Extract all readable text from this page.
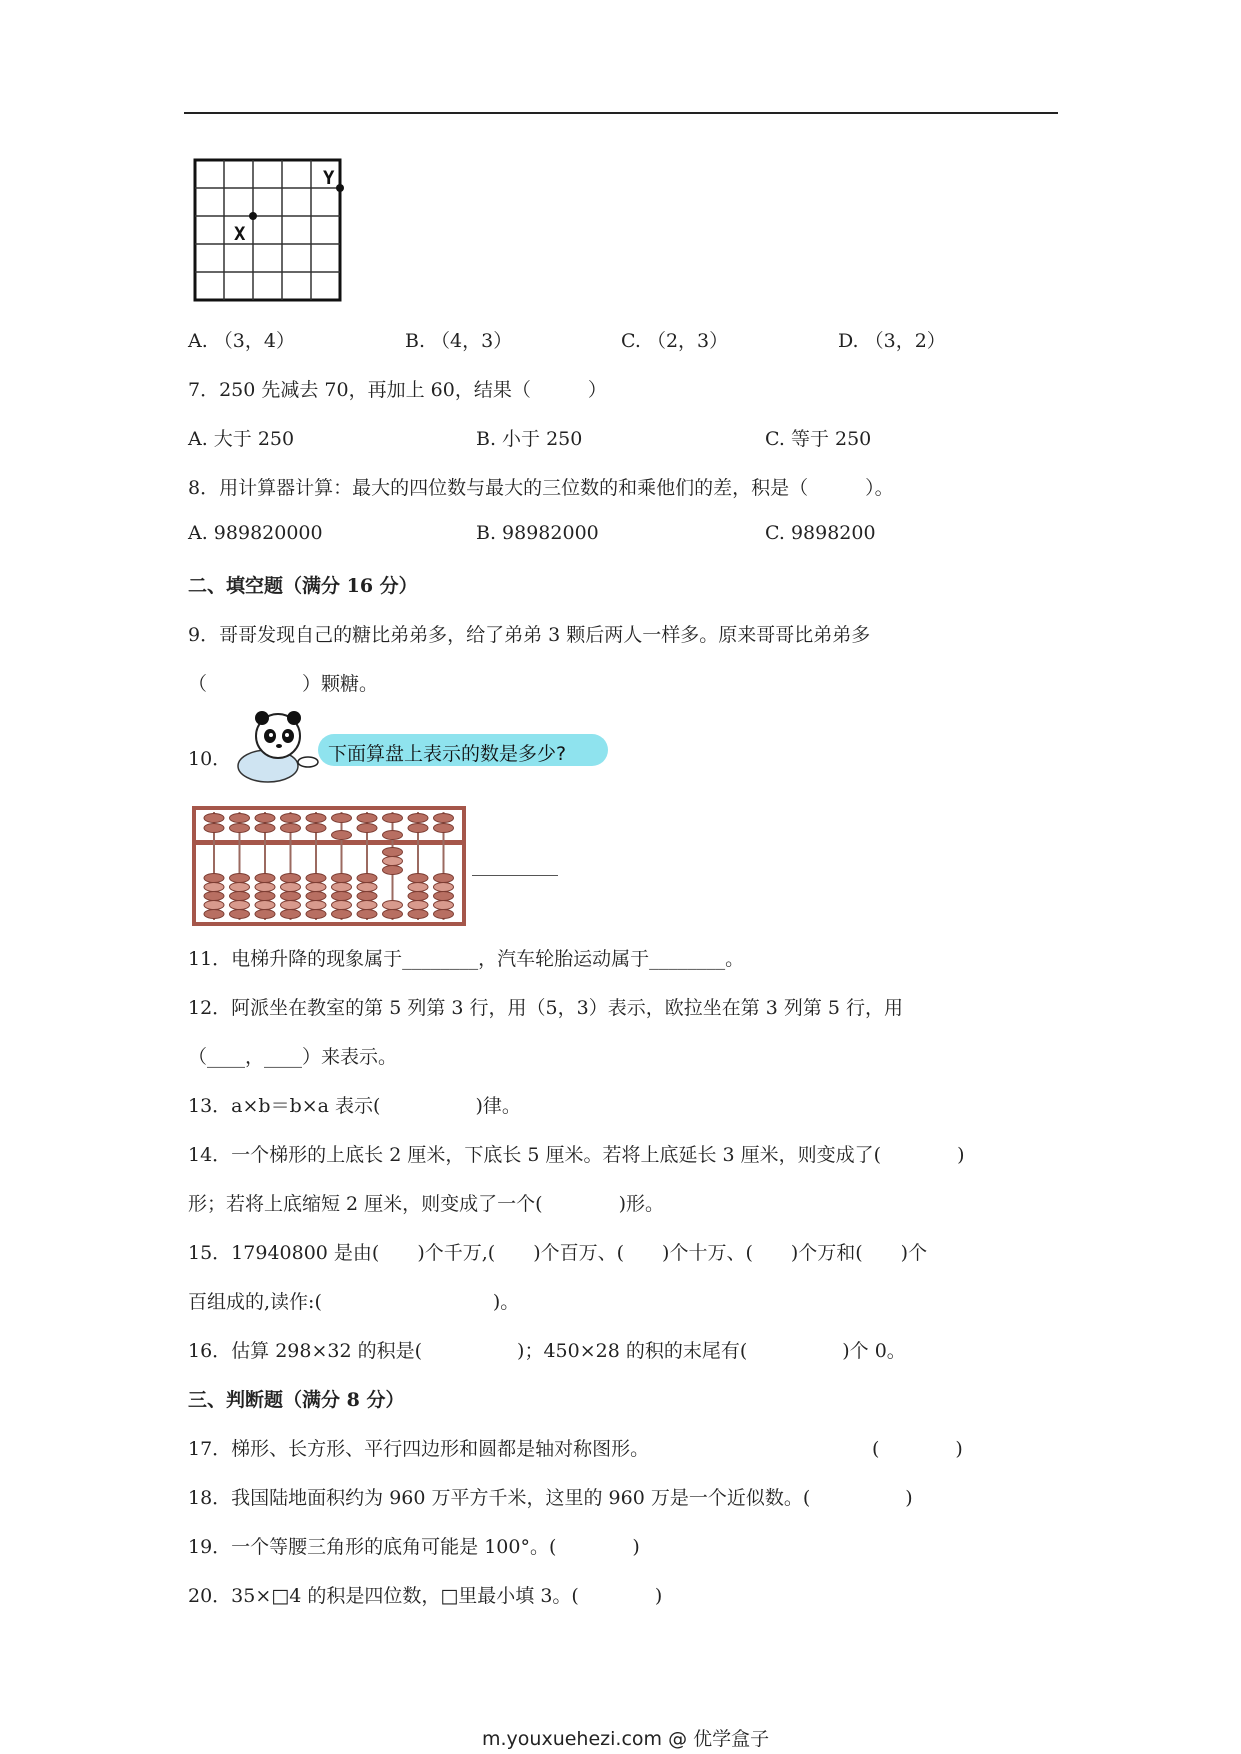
Y
X
A. （3，4）	B. （4，3）	C. （2，3）	D. （3，2）
7．250 先减去 70，再加上 60，结果（　　　）
A. 大于 250	B. 小于 250	C. 等于 250
8．用计算器计算：最大的四位数与最大的三位数的和乘他们的差，积是（　　　）。
A. 989820000	B. 98982000	C. 9898200
二、填空题（满分 16 分）
9．哥哥发现自己的糖比弟弟多，给了弟弟 3 颗后两人一样多。原来哥哥比弟弟多
（　　　　　）颗糖。
10．	下面算盘上表示的数是多少?
11．电梯升降的现象属于________，汽车轮胎运动属于________。
12．阿派坐在教室的第 5 列第 3 行，用（5，3）表示，欧拉坐在第 3 列第 5 行，用
（____，____）来表示。
13．a×b＝b×a 表示(　　　　　)律。
14．一个梯形的上底长 2 厘米，下底长 5 厘米。若将上底延长 3 厘米，则变成了(　　　　)
形；若将上底缩短 2 厘米，则变成了一个(　　　　)形。
15．17940800 是由(　　)个千万,(　　)个百万、(　　)个十万、(　　)个万和(　　)个
百组成的,读作:(　　　　　　　　　)。
16．估算 298×32 的积是(　　　　　)；450×28 的积的末尾有(　　　　　)个 0。
三、判断题（满分 8 分）
17．梯形、长方形、平行四边形和圆都是轴对称图形。	(　　　　)
18．我国陆地面积约为 960 万平方千米，这里的 960 万是一个近似数。(　　　　　)
19．一个等腰三角形的底角可能是 100°。(　　　　)
20．35×□4 的积是四位数，□里最小填 3。(　　　　)
m.youxuehezi.com @ 优学盒子
